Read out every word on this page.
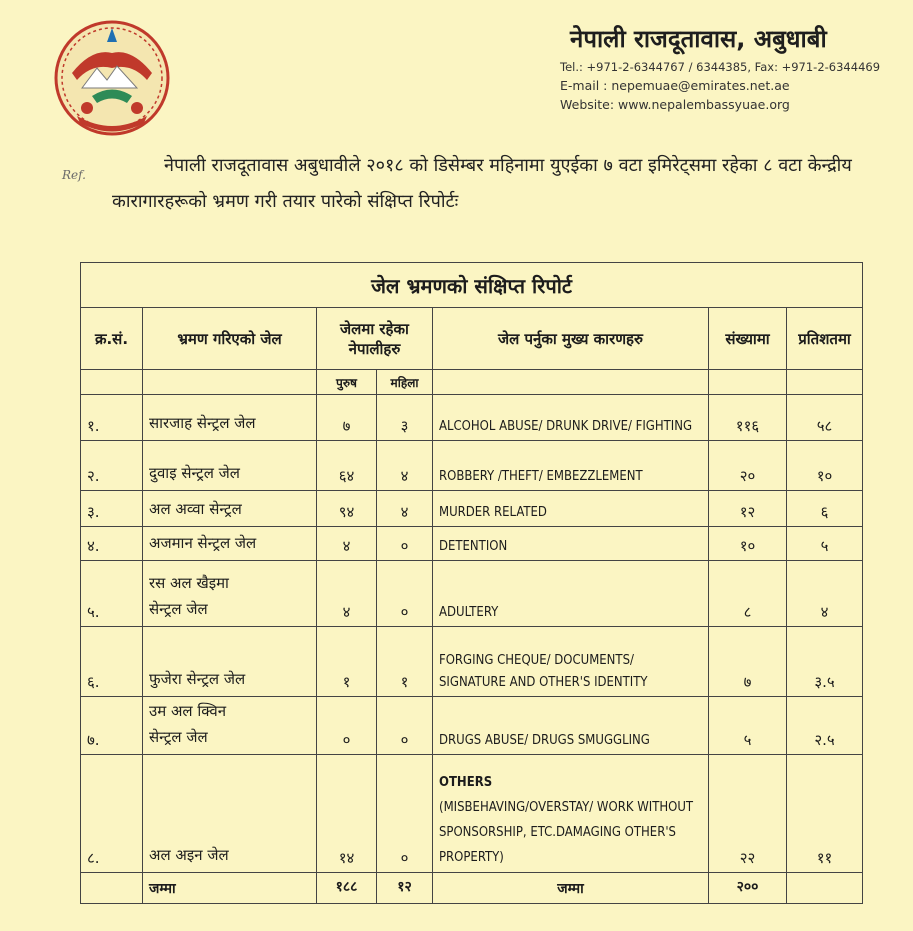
नेपाली राजदूतावास, अबुधाबी
Tel.: +971-2-6344767 / 6344385, Fax: +971-2-6344469
E-mail : nepemuae@emirates.net.ae
Website: www.nepalembassyuae.org
Ref.	नेपाली राजदूतावास अबुधावीले २०१८ को डिसेम्बर महिनामा युएईका ७ वटा इमिरेट्समा रहेका ८ वटा केन्द्रीय कारागारहरूको भ्रमण गरी तयार पारेको संक्षिप्त रिपोर्टः
जेल भ्रमणको संक्षिप्त रिपोर्ट						
क्र.सं.	भ्रमण गरिएको जेल	जेलमा रहेका नेपालीहरु		जेल पर्नुका मुख्य कारणहरु	संख्यामा	प्रतिशतमा
		पुरुष	महिला			
१.	सारजाह सेन्ट्रल जेल	७	३	ALCOHOL ABUSE/ DRUNK DRIVE/ FIGHTING	११६	५८
२.	दुवाइ सेन्ट्रल जेल	६४	४	ROBBERY /THEFT/ EMBEZZLEMENT	२०	१०
३.	अल अव्वा सेन्ट्रल	९४	४	MURDER RELATED	१२	६
४.	अजमान सेन्ट्रल जेल	४	०	DETENTION	१०	५
५.	रस अल खैइमा
सेन्ट्रल जेल	४	०	ADULTERY	८	४
६.	फुजेरा सेन्ट्रल जेल	१	१	FORGING CHEQUE/ DOCUMENTS/ SIGNATURE AND OTHER'S IDENTITY	७	३.५
७.	उम अल क्विन
सेन्ट्रल जेल	०	०	DRUGS ABUSE/ DRUGS SMUGGLING	५	२.५
८.	अल अइन जेल	१४	०	OTHERS
(MISBEHAVING/OVERSTAY/ WORK WITHOUT SPONSORSHIP, ETC.DAMAGING OTHER'S PROPERTY)	२२	११
	जम्मा	१८८	१२	जम्मा	२००	
